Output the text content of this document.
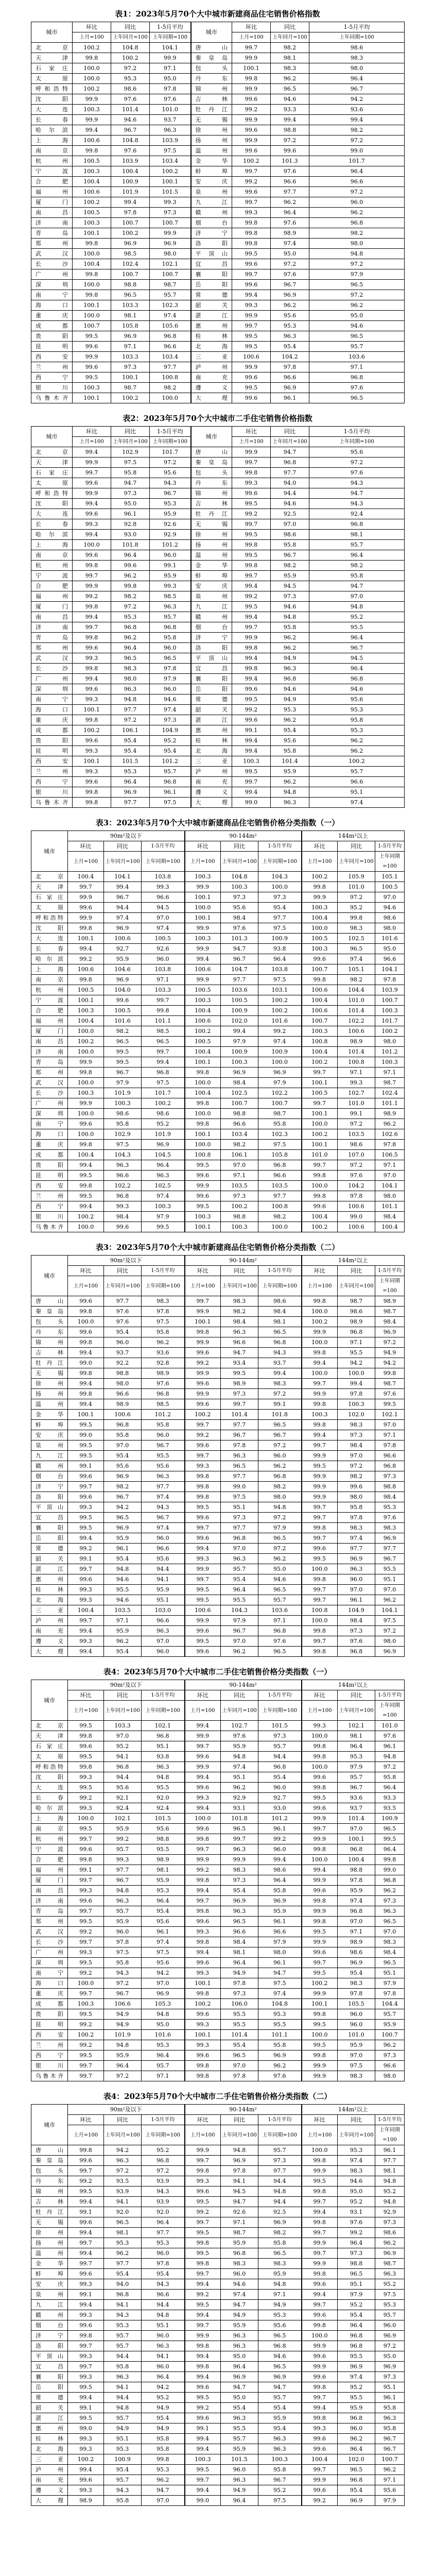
表1：2023年5月70个大中城市新建商品住宅销售价格指数
城市	环比	同比	1-5月平均	城市	环比	同比	1-5月平均
	上月=100	上年同月=100	上年同期=100		上月=100	上年同月=100	上年同期=100
北京	100.2	104.8	104.1	唐山	99.7	98.2	98.6
天津	99.8	100.2	99.9	秦皇岛	99.9	98.1	98.3
石家庄	100.0	97.2	97.1	包头	100.1	98.3	98.0
太原	100.0	95.3	95.0	丹东	99.8	96.2	96.4
呼和浩特	100.2	98.6	97.8	锦州	99.9	96.5	96.7
沈阳	99.9	97.6	97.6	吉林	99.6	94.6	94.2
大连	100.3	101.4	101.0	牡丹江	99.2	93.3	93.6
长春	99.9	94.6	93.7	无锡	99.9	99.4	99.4
哈尔滨	99.4	96.7	96.3	徐州	99.6	98.8	98.2
上海	100.6	104.8	103.9	扬州	99.9	97.2	97.2
南京	99.8	97.6	97.5	温州	99.6	99.6	99.0
杭州	100.5	103.9	103.4	金华	100.2	101.3	101.7
宁波	100.3	100.4	100.2	蚌埠	99.7	97.6	96.4
合肥	100.4	100.9	100.1	安庆	99.2	96.6	96.6
福州	100.6	101.9	101.5	泉州	99.6	97.7	97.2
厦门	100.2	99.4	99.3	九江	99.7	96.2	96.0
南昌	100.5	97.8	97.3	赣州	99.3	96.4	96.2
济南	100.3	100.7	100.7	烟台	99.8	97.6	96.8
青岛	100.1	100.2	99.9	济宁	99.8	98.9	98.2
郑州	99.8	96.9	96.9	洛阳	99.8	97.4	98.0
武汉	100.0	98.5	98.0	平顶山	99.5	95.0	94.8
长沙	100.4	102.4	102.1	宜昌	99.6	97.2	97.2
广州	99.8	100.7	100.7	襄阳	99.7	97.6	97.9
深圳	100.0	98.8	98.7	岳阳	99.6	96.7	96.5
南宁	99.8	96.5	95.7	常德	99.4	96.9	97.2
海口	100.1	103.3	102.3	韶关	99.3	96.2	96.2
重庆	100.0	98.1	97.4	湛江	99.9	95.6	95.0
成都	100.7	105.8	105.6	惠州	99.7	95.3	94.6
贵阳	99.5	96.9	96.8	桂林	99.5	96.3	96.5
昆明	99.6	97.1	96.6	北海	99.5	95.4	95.7
西安	99.9	103.3	103.4	三亚	100.6	104.2	103.6
兰州	99.6	97.3	97.7	泸州	99.9	97.8	97.1
西宁	99.5	100.1	100.8	南充	99.6	96.6	96.8
银川	100.3	98.7	98.2	遵义	99.5	96.9	97.6
乌鲁木齐	100.1	100.2	100.0	大理	99.6	96.1	96.5
表2：2023年5月70个大中城市二手住宅销售价格指数
城市	环比	同比	1-5月平均	城市	环比	同比	1-5月平均
	上月=100	上年同月=100	上年同期=100		上月=100	上年同月=100	上年同期=100
北京	99.4	102.9	101.7	唐山	99.9	94.7	95.6
天津	99.9	97.5	97.2	秦皇岛	99.7	96.8	97.2
石家庄	99.7	95.8	95.6	包头	99.8	97.7	97.6
太原	99.6	94.7	94.3	丹东	99.3	94.0	94.3
呼和浩特	99.9	97.3	96.7	锦州	99.6	94.4	94.7
沈阳	99.4	95.0	95.3	吉林	99.5	94.6	94.3
大连	99.6	96.1	95.9	牡丹江	99.2	92.5	92.4
长春	99.3	92.8	92.6	无锡	99.7	97.0	96.8
哈尔滨	99.4	93.0	92.9	徐州	99.5	98.6	98.1
上海	100.0	101.8	101.2	扬州	99.8	95.8	95.7
南京	99.6	96.4	96.0	温州	99.5	96.7	96.4
杭州	99.8	99.6	99.1	金华	99.8	98.2	98.2
宁波	99.7	96.2	95.9	蚌埠	99.7	95.9	95.8
合肥	99.9	99.8	99.3	安庆	99.4	94.5	94.7
福州	99.2	98.2	98.5	泉州	99.2	97.3	97.0
厦门	99.8	97.2	96.3	九江	99.5	94.6	94.8
南昌	99.4	95.3	95.7	赣州	99.4	94.8	95.2
济南	99.7	96.8	96.8	烟台	99.7	95.8	95.5
青岛	99.8	96.2	95.8	济宁	99.9	96.2	96.4
郑州	99.6	96.4	96.0	洛阳	99.8	96.2	96.7
武汉	99.3	96.5	96.5	平顶山	99.4	94.9	94.5
长沙	99.8	98.3	97.8	宜昌	99.8	96.3	96.4
广州	99.4	98.0	97.9	襄阳	99.4	96.8	96.8
深圳	99.6	96.3	96.0	岳阳	99.6	94.6	94.6
南宁	99.3	94.8	94.6	常德	99.5	94.9	95.6
海口	100.1	97.7	97.4	韶关	99.2	95.3	95.3
重庆	99.8	97.2	97.3	湛江	99.6	96.2	95.8
成都	100.2	106.1	104.9	惠州	99.1	95.4	95.3
贵阳	99.6	95.4	95.2	桂林	99.4	95.6	96.2
昆明	99.3	95.4	95.4	北海	99.4	95.8	96.2
西安	100.1	101.5	101.2	三亚	100.3	101.4	100.2
兰州	99.3	95.3	95.7	泸州	99.5	95.9	95.7
西宁	99.6	96.4	96.8	南充	99.7	96.2	96.6
银川	99.8	96.9	96.1	遵义	99.4	94.8	95.1
乌鲁木齐	99.8	97.7	97.5	大理	99.0	96.3	97.4
表3：2023年5月70个大中城市新建商品住宅销售价格分类指数（一）
城市	90m²及以下			90-144m²			144m²以上		
	环比	同比	1-5月平均	环比	同比	1-5月平均	环比	同比	1-5月平均
	上月=100	上年同月=100	上年同期=100	上月=100	上年同月=100	上年同期=100	上月=100	上年同月=100	上年同期=100
北京	100.4	104.1	103.8	100.3	104.8	104.3	100.2	105.9	105.1
天津	99.7	99.4	99.3	99.9	100.3	100.0	99.8	101.0	100.5
石家庄	99.9	96.7	96.6	100.1	97.3	97.3	99.9	97.2	97.0
太原	99.6	94.4	94.5	100.0	95.6	95.4	100.3	95.2	94.6
呼和浩特	99.9	97.4	97.0	100.1	98.4	97.7	100.4	99.8	98.6
沈阳	99.8	96.9	97.4	99.9	97.6	97.5	100.0	98.3	98.0
大连	100.1	100.6	100.5	100.3	101.3	100.9	100.5	102.5	101.6
长春	99.4	92.7	92.6	99.9	94.7	93.8	100.3	96.5	95.0
哈尔滨	99.2	95.9	96.0	99.4	96.7	96.4	99.6	97.4	96.6
上海	100.6	104.6	103.8	100.6	104.7	103.8	100.7	105.1	104.1
南京	99.8	96.9	97.1	99.9	97.7	97.5	99.8	98.2	97.8
杭州	100.5	104.0	103.3	100.5	103.6	103.1	100.6	104.4	103.9
宁波	100.1	99.6	99.7	100.3	100.5	100.2	100.4	101.0	100.7
合肥	100.3	100.5	99.8	100.4	100.9	100.2	100.6	101.4	100.3
福州	100.4	101.6	101.1	100.6	102.0	101.6	100.7	102.2	101.7
厦门	100.0	98.2	98.5	100.2	99.4	99.2	100.3	100.6	100.2
南昌	100.2	96.5	96.5	100.5	97.9	97.4	100.8	98.9	98.0
济南	100.0	99.5	99.7	100.4	100.9	100.9	100.4	101.4	101.2
青岛	99.9	99.5	99.4	100.1	100.3	100.0	100.2	100.8	100.3
郑州	99.8	96.7	96.8	99.8	96.9	96.9	99.7	97.1	97.1
武汉	100.0	97.9	97.5	100.0	98.4	97.9	100.1	99.3	98.7
长沙	100.3	101.9	101.7	100.4	102.5	102.2	100.5	102.7	102.4
广州	99.9	100.3	100.2	99.8	100.7	100.7	99.7	101.0	101.1
深圳	100.0	98.6	98.6	100.0	98.8	98.7	100.1	99.1	98.9
南宁	99.6	95.8	95.2	99.8	96.6	95.8	100.0	97.2	96.2
海口	100.0	102.9	101.9	100.1	103.4	102.3	100.2	103.5	102.6
重庆	99.8	97.5	96.9	100.0	98.2	97.5	100.1	98.6	97.8
成都	100.4	104.3	104.5	100.8	106.1	105.8	101.0	107.0	106.5
贵阳	99.4	96.3	96.4	99.5	97.0	96.8	99.7	97.2	97.1
昆明	99.5	96.6	96.3	99.6	97.1	96.6	99.8	97.6	97.0
西安	99.8	102.2	102.5	99.9	103.5	103.5	100.0	104.2	104.1
兰州	99.5	96.8	97.4	99.6	97.3	97.7	99.8	97.8	98.0
西宁	99.4	99.3	100.3	99.5	100.2	100.8	99.6	100.6	101.1
银川	100.2	98.4	97.9	100.3	98.8	98.2	100.4	99.0	98.4
乌鲁木齐	100.0	99.6	99.5	100.1	100.3	100.0	100.2	100.6	100.4
表3：2023年5月70个大中城市新建商品住宅销售价格分类指数（二）
城市	90m²及以下			90-144m²			144m²以上		
	环比	同比	1-5月平均	环比	同比	1-5月平均	环比	同比	1-5月平均
	上月=100	上年同月=100	上年同期=100	上月=100	上年同月=100	上年同期=100	上月=100	上年同月=100	上年同期=100
唐山	99.6	97.7	98.3	99.7	98.3	98.6	99.8	98.7	98.9
秦皇岛	99.8	97.6	97.8	99.9	98.2	98.4	100.0	98.6	98.7
包头	100.0	97.6	97.5	100.1	98.4	98.1	100.2	98.9	98.4
丹东	99.6	95.4	95.8	99.8	96.3	96.5	99.9	96.8	96.9
锦州	99.8	96.0	96.2	99.9	96.6	96.8	100.0	97.1	97.2
吉林	99.4	93.7	93.6	99.6	94.7	94.3	99.8	95.5	94.9
牡丹江	99.0	92.2	92.8	99.2	93.4	93.7	99.4	94.2	94.2
无锡	99.8	98.8	98.9	99.9	99.5	99.4	100.0	100.0	99.8
徐州	99.4	98.0	97.6	99.6	98.9	98.3	99.7	99.4	98.7
扬州	99.8	96.6	96.8	99.9	97.3	97.2	99.9	97.8	97.6
温州	99.4	98.9	98.5	99.6	99.7	99.1	99.8	100.3	99.5
金华	100.1	100.6	101.2	100.2	101.4	101.8	100.3	102.0	102.1
蚌埠	99.5	96.8	95.8	99.7	97.7	96.5	99.8	98.3	97.0
安庆	99.0	95.8	96.0	99.2	96.7	96.7	99.4	97.3	97.1
泉州	99.5	97.0	96.7	99.6	97.8	97.2	99.7	98.4	97.8
九江	99.5	95.4	95.5	99.7	96.3	96.0	99.9	97.0	96.6
赣州	99.1	95.6	95.6	99.3	96.5	96.2	99.5	97.2	96.8
烟台	99.6	96.9	96.3	99.8	97.7	96.8	99.9	98.2	97.3
济宁	99.7	98.2	97.7	99.8	99.0	98.2	99.9	99.6	98.8
洛阳	99.6	96.7	97.4	99.8	97.5	98.0	99.9	98.0	98.4
平顶山	99.3	94.2	94.3	99.5	95.1	94.8	99.7	95.8	95.3
宜昌	99.5	96.5	96.7	99.6	97.3	97.2	99.7	97.8	97.6
襄阳	99.5	96.9	97.4	99.7	97.7	97.9	99.8	98.3	98.3
岳阳	99.4	95.9	96.0	99.6	96.8	96.5	99.7	97.4	96.9
常德	99.2	96.1	96.6	99.4	97.0	97.2	99.6	97.7	97.7
韶关	99.1	95.4	95.6	99.3	96.3	96.2	99.5	96.9	96.7
湛江	99.7	94.8	94.4	99.9	95.7	95.0	100.0	96.3	95.5
惠州	99.6	94.6	94.1	99.7	95.4	94.6	99.8	96.0	95.1
桂林	99.3	95.5	95.9	99.5	96.4	96.5	99.7	97.0	97.0
北海	99.3	94.6	95.1	99.5	95.5	95.7	99.7	96.1	96.2
三亚	100.4	103.5	103.0	100.6	104.3	103.6	100.8	104.9	104.1
泸州	99.7	97.1	96.6	99.9	97.9	97.1	100.0	98.4	97.5
南充	99.4	95.9	96.3	99.6	96.7	96.8	99.8	97.3	97.2
遵义	99.3	96.2	97.0	99.5	97.0	97.6	99.7	97.6	98.0
大理	99.4	95.4	96.0	99.6	96.2	96.5	99.8	96.8	96.9
表4：2023年5月70个大中城市二手住宅销售价格分类指数（一）
城市	90m²及以下			90-144m²			144m²以上		
	环比	同比	1-5月平均	环比	同比	1-5月平均	环比	同比	1-5月平均
	上月=100	上年同月=100	上年同期=100	上月=100	上年同月=100	上年同期=100	上月=100	上年同月=100	上年同期=100
北京	99.5	103.3	102.1	99.4	102.7	101.5	99.3	102.1	101.0
天津	99.8	97.0	96.8	99.9	97.6	97.3	100.0	98.1	97.6
石家庄	99.6	95.2	95.1	99.7	95.9	95.7	99.8	96.4	96.1
太原	99.5	94.1	93.8	99.6	94.8	94.4	99.8	95.3	94.8
呼和浩特	99.8	96.8	96.3	99.9	97.4	96.8	100.0	97.9	97.2
沈阳	99.3	94.4	94.8	99.4	95.1	95.4	99.6	95.7	95.8
大连	99.5	95.6	95.5	99.6	96.2	96.0	99.8	96.7	96.4
长春	99.2	92.1	92.0	99.3	92.9	92.7	99.5	93.6	93.3
哈尔滨	99.3	92.4	92.4	99.4	93.1	93.0	99.6	93.7	93.5
上海	100.0	102.1	101.5	100.0	101.8	101.2	99.9	101.4	100.9
南京	99.5	95.9	95.6	99.6	96.5	96.1	99.7	97.0	96.5
杭州	99.7	99.2	98.8	99.8	99.7	99.2	99.9	100.1	99.5
宁波	99.6	95.7	95.5	99.7	96.3	96.0	99.8	96.8	96.4
合肥	99.8	99.3	98.9	99.9	99.9	99.4	100.0	100.4	99.8
福州	99.1	97.7	98.1	99.2	98.3	98.6	99.4	98.8	99.0
厦门	99.7	96.7	95.9	99.8	97.3	96.4	99.9	97.8	96.8
南昌	99.3	94.8	95.3	99.4	95.4	95.8	99.6	95.9	96.2
济南	99.6	96.3	96.4	99.7	96.9	96.9	99.8	97.4	97.3
青岛	99.7	95.7	95.4	99.8	96.3	95.9	99.9	96.8	96.3
郑州	99.5	95.9	95.6	99.6	96.5	96.1	99.8	97.0	96.5
武汉	99.2	96.0	96.1	99.3	96.6	96.6	99.5	97.1	97.0
长沙	99.7	97.8	97.4	99.8	98.4	97.9	99.9	98.9	98.3
广州	99.3	97.5	97.5	99.4	98.1	98.0	99.6	98.6	98.4
深圳	99.5	95.8	95.6	99.6	96.4	96.1	99.7	96.9	96.5
南宁	99.2	94.3	94.2	99.3	94.9	94.7	99.5	95.4	95.1
海口	100.0	97.2	97.0	100.1	97.8	97.5	100.2	98.3	97.9
重庆	99.7	96.7	96.9	99.8	97.3	97.4	99.9	97.8	97.8
成都	100.3	106.6	105.3	100.2	106.0	104.8	100.1	105.5	104.4
贵阳	99.5	94.9	94.8	99.6	95.5	95.3	99.8	96.0	95.7
昆明	99.2	94.9	95.0	99.3	95.5	95.5	99.5	96.0	95.9
西安	100.2	101.9	101.6	100.1	101.4	101.1	100.0	101.0	100.7
兰州	99.2	94.8	95.3	99.3	95.4	95.8	99.5	95.9	96.2
西宁	99.5	95.9	96.4	99.6	96.5	96.9	99.8	97.0	97.3
银川	99.7	96.4	95.7	99.8	97.0	96.2	99.9	97.5	96.6
乌鲁木齐	99.7	97.2	97.1	99.8	97.8	97.6	99.9	98.3	98.0
表4：2023年5月70个大中城市二手住宅销售价格分类指数（二）
城市	90m²及以下			90-144m²			144m²以上		
	环比	同比	1-5月平均	环比	同比	1-5月平均	环比	同比	1-5月平均
	上月=100	上年同月=100	上年同期=100	上月=100	上年同月=100	上年同期=100	上月=100	上年同月=100	上年同期=100
唐山	99.8	94.2	95.2	99.9	94.8	95.7	100.0	95.3	96.1
秦皇岛	99.6	96.3	96.8	99.7	96.9	97.3	99.8	97.4	97.7
包头	99.7	97.2	97.2	99.8	97.8	97.7	99.9	98.3	98.1
丹东	99.2	93.5	93.9	99.3	94.1	94.4	99.5	94.6	94.8
锦州	99.5	93.9	94.3	99.6	94.5	94.8	99.8	95.0	95.2
吉林	99.4	94.1	93.9	99.5	94.7	94.4	99.7	95.2	94.8
牡丹江	99.1	92.0	92.0	99.2	92.6	92.5	99.4	93.1	92.9
无锡	99.6	96.5	96.4	99.7	97.1	96.9	99.8	97.6	97.3
徐州	99.4	98.1	97.7	99.5	98.7	98.2	99.7	99.2	98.6
扬州	99.7	95.3	95.3	99.8	95.9	95.8	99.9	96.4	96.2
温州	99.4	96.2	96.0	99.5	96.8	96.5	99.7	97.3	96.9
金华	99.7	97.7	97.8	99.8	98.3	98.3	99.9	98.8	98.7
蚌埠	99.6	95.4	95.4	99.7	96.0	95.9	99.8	96.5	96.3
安庆	99.3	94.0	94.3	99.4	94.6	94.8	99.6	95.1	95.2
泉州	99.1	96.8	96.6	99.2	97.4	97.1	99.4	97.9	97.5
九江	99.4	94.1	94.4	99.5	94.7	94.9	99.7	95.2	95.3
赣州	99.3	94.3	94.8	99.4	94.9	95.3	99.6	95.4	95.7
烟台	99.6	95.3	95.1	99.7	95.9	95.6	99.8	96.4	96.0
济宁	99.8	95.7	96.0	99.9	96.3	96.5	100.0	96.8	96.9
洛阳	99.7	95.7	96.3	99.8	96.3	96.8	99.9	96.8	97.2
平顶山	99.3	94.4	94.1	99.4	95.0	94.6	99.6	95.5	95.0
宜昌	99.7	95.8	96.0	99.8	96.4	96.5	99.9	96.9	96.9
襄阳	99.3	96.3	96.4	99.4	96.9	96.9	99.6	97.4	97.3
岳阳	99.5	94.1	94.2	99.6	94.7	94.7	99.8	95.2	95.1
常德	99.4	94.4	95.2	99.5	95.0	95.7	99.7	95.5	96.1
韶关	99.1	94.8	94.9	99.2	95.4	95.4	99.4	95.9	95.8
湛江	99.5	95.7	95.4	99.6	96.3	95.9	99.8	96.8	96.3
惠州	99.0	94.9	94.9	99.1	95.5	95.4	99.3	96.0	95.8
桂林	99.3	95.1	95.8	99.4	95.7	96.3	99.6	96.2	96.7
北海	99.3	95.3	95.8	99.4	95.9	96.3	99.6	96.4	96.7
三亚	100.2	100.9	99.8	100.3	101.5	100.3	100.4	102.0	100.7
泸州	99.4	95.4	95.3	99.5	96.0	95.8	99.7	96.5	96.2
南充	99.6	95.7	96.2	99.7	96.3	96.7	99.9	96.8	97.1
遵义	99.3	94.3	94.7	99.4	94.9	95.2	99.6	95.4	95.6
大理	98.9	95.8	97.0	99.0	96.4	97.5	99.2	96.9	97.9
